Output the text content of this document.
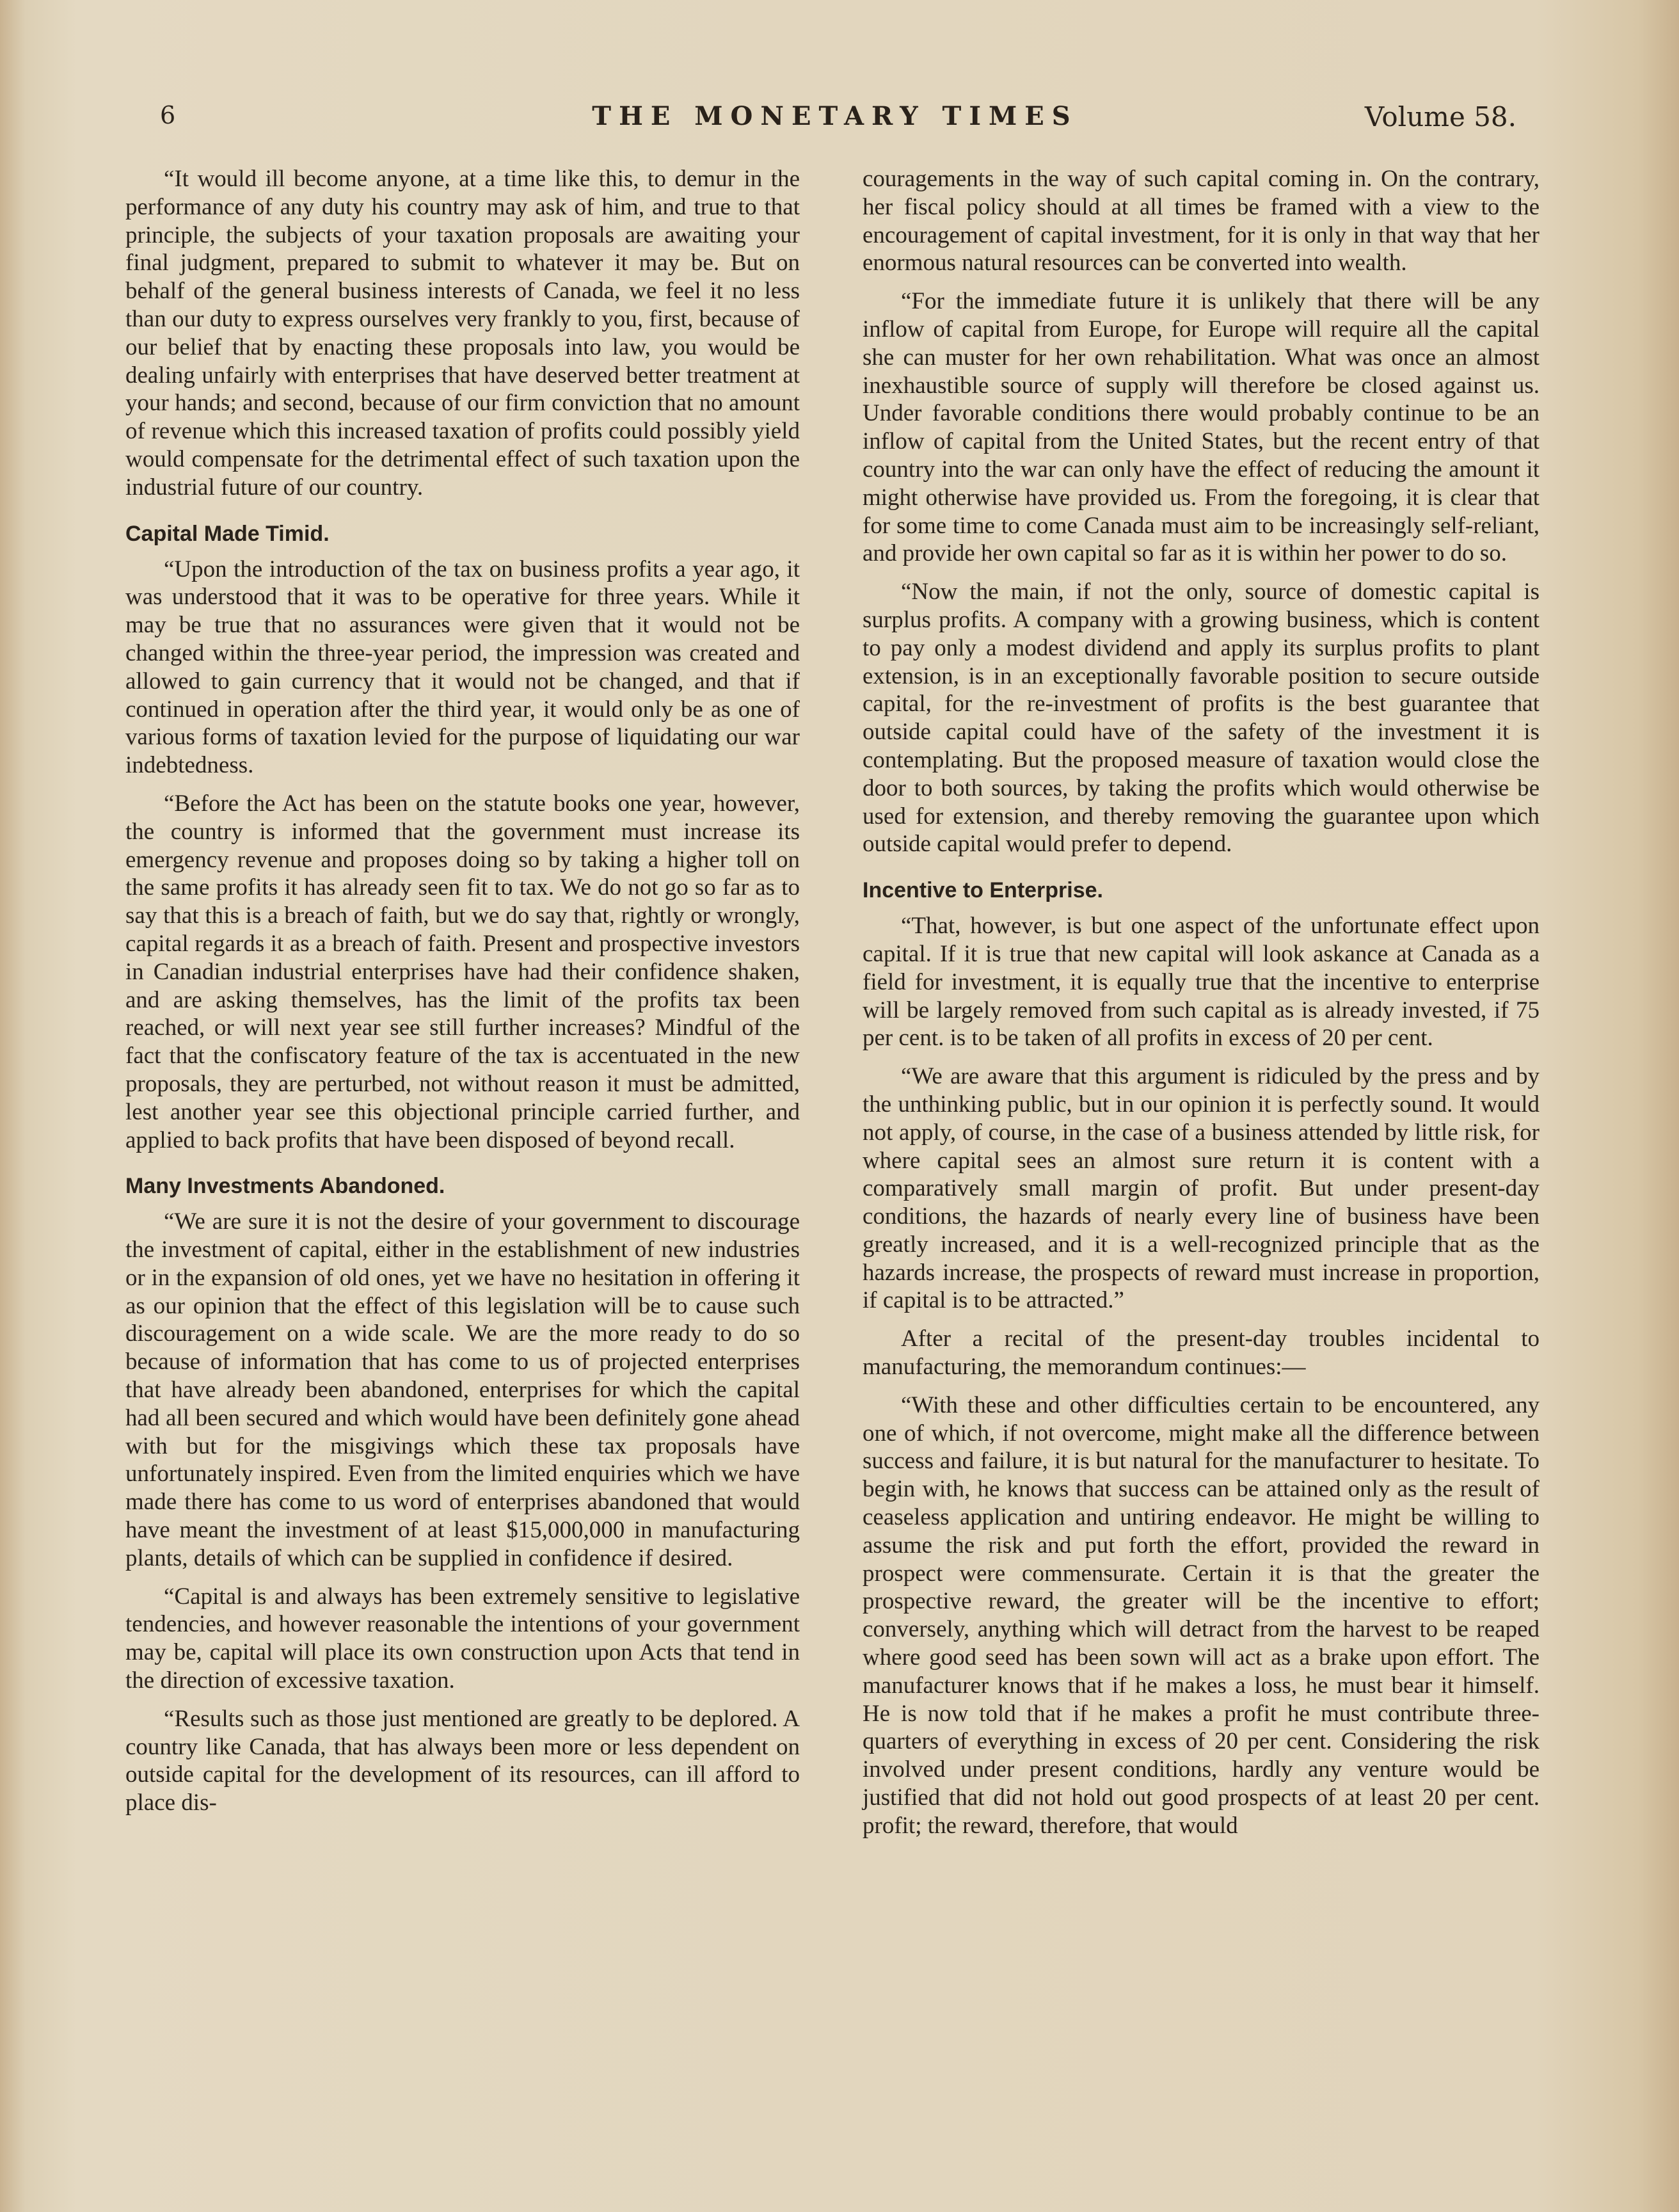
6	THE MONETARY TIMES	Volume 58.

“It would ill become anyone, at a time like this, to demur in the performance of any duty his country may ask of him, and true to that principle, the subjects of your taxation proposals are awaiting your final judgment, prepared to submit to whatever it may be. But on behalf of the general business interests of Canada, we feel it no less than our duty to express ourselves very frankly to you, first, because of our belief that by enacting these proposals into law, you would be dealing unfairly with enterprises that have deserved better treatment at your hands; and second, because of our firm conviction that no amount of revenue which this increased taxation of profits could possibly yield would compensate for the detrimental effect of such taxation upon the industrial future of our country.

Capital Made Timid.

“Upon the introduction of the tax on business profits a year ago, it was understood that it was to be operative for three years. While it may be true that no assurances were given that it would not be changed within the three-year period, the impression was created and allowed to gain currency that it would not be changed, and that if continued in operation after the third year, it would only be as one of various forms of taxation levied for the purpose of liquidating our war indebtedness.

“Before the Act has been on the statute books one year, however, the country is informed that the government must increase its emergency revenue and proposes doing so by taking a higher toll on the same profits it has already seen fit to tax. We do not go so far as to say that this is a breach of faith, but we do say that, rightly or wrongly, capital regards it as a breach of faith. Present and prospective investors in Canadian industrial enterprises have had their confidence shaken, and are asking themselves, has the limit of the profits tax been reached, or will next year see still further increases? Mindful of the fact that the confiscatory feature of the tax is accentuated in the new proposals, they are perturbed, not without reason it must be admitted, lest another year see this objectional principle carried further, and applied to back profits that have been disposed of beyond recall.

Many Investments Abandoned.

“We are sure it is not the desire of your government to discourage the investment of capital, either in the establishment of new industries or in the expansion of old ones, yet we have no hesitation in offering it as our opinion that the effect of this legislation will be to cause such discouragement on a wide scale. We are the more ready to do so because of information that has come to us of projected enterprises that have already been abandoned, enterprises for which the capital had all been secured and which would have been definitely gone ahead with but for the misgivings which these tax proposals have unfortunately inspired. Even from the limited enquiries which we have made there has come to us word of enterprises abandoned that would have meant the investment of at least $15,000,000 in manufacturing plants, details of which can be supplied in confidence if desired.

“Capital is and always has been extremely sensitive to legislative tendencies, and however reasonable the intentions of your government may be, capital will place its own construction upon Acts that tend in the direction of excessive taxation.

“Results such as those just mentioned are greatly to be deplored. A country like Canada, that has always been more or less dependent on outside capital for the development of its resources, can ill afford to place dis-

couragements in the way of such capital coming in. On the contrary, her fiscal policy should at all times be framed with a view to the encouragement of capital investment, for it is only in that way that her enormous natural resources can be converted into wealth.

“For the immediate future it is unlikely that there will be any inflow of capital from Europe, for Europe will require all the capital she can muster for her own rehabilitation. What was once an almost inexhaustible source of supply will therefore be closed against us. Under favorable conditions there would probably continue to be an inflow of capital from the United States, but the recent entry of that country into the war can only have the effect of reducing the amount it might otherwise have provided us. From the foregoing, it is clear that for some time to come Canada must aim to be increasingly self-reliant, and provide her own capital so far as it is within her power to do so.

“Now the main, if not the only, source of domestic capital is surplus profits. A company with a growing business, which is content to pay only a modest dividend and apply its surplus profits to plant extension, is in an exceptionally favorable position to secure outside capital, for the re-investment of profits is the best guarantee that outside capital could have of the safety of the investment it is contemplating. But the proposed measure of taxation would close the door to both sources, by taking the profits which would otherwise be used for extension, and thereby removing the guarantee upon which outside capital would prefer to depend.

Incentive to Enterprise.

“That, however, is but one aspect of the unfortunate effect upon capital. If it is true that new capital will look askance at Canada as a field for investment, it is equally true that the incentive to enterprise will be largely removed from such capital as is already invested, if 75 per cent. is to be taken of all profits in excess of 20 per cent.

“We are aware that this argument is ridiculed by the press and by the unthinking public, but in our opinion it is perfectly sound. It would not apply, of course, in the case of a business attended by little risk, for where capital sees an almost sure return it is content with a comparatively small margin of profit. But under present-day conditions, the hazards of nearly every line of business have been greatly increased, and it is a well-recognized principle that as the hazards increase, the prospects of reward must increase in proportion, if capital is to be attracted.”

After a recital of the present-day troubles incidental to manufacturing, the memorandum continues:—

“With these and other difficulties certain to be encountered, any one of which, if not overcome, might make all the difference between success and failure, it is but natural for the manufacturer to hesitate. To begin with, he knows that success can be attained only as the result of ceaseless application and untiring endeavor. He might be willing to assume the risk and put forth the effort, provided the reward in prospect were commensurate. Certain it is that the greater the prospective reward, the greater will be the incentive to effort; conversely, anything which will detract from the harvest to be reaped where good seed has been sown will act as a brake upon effort. The manufacturer knows that if he makes a loss, he must bear it himself. He is now told that if he makes a profit he must contribute three-quarters of everything in excess of 20 per cent. Considering the risk involved under present conditions, hardly any venture would be justified that did not hold out good prospects of at least 20 per cent. profit; the reward, therefore, that would
